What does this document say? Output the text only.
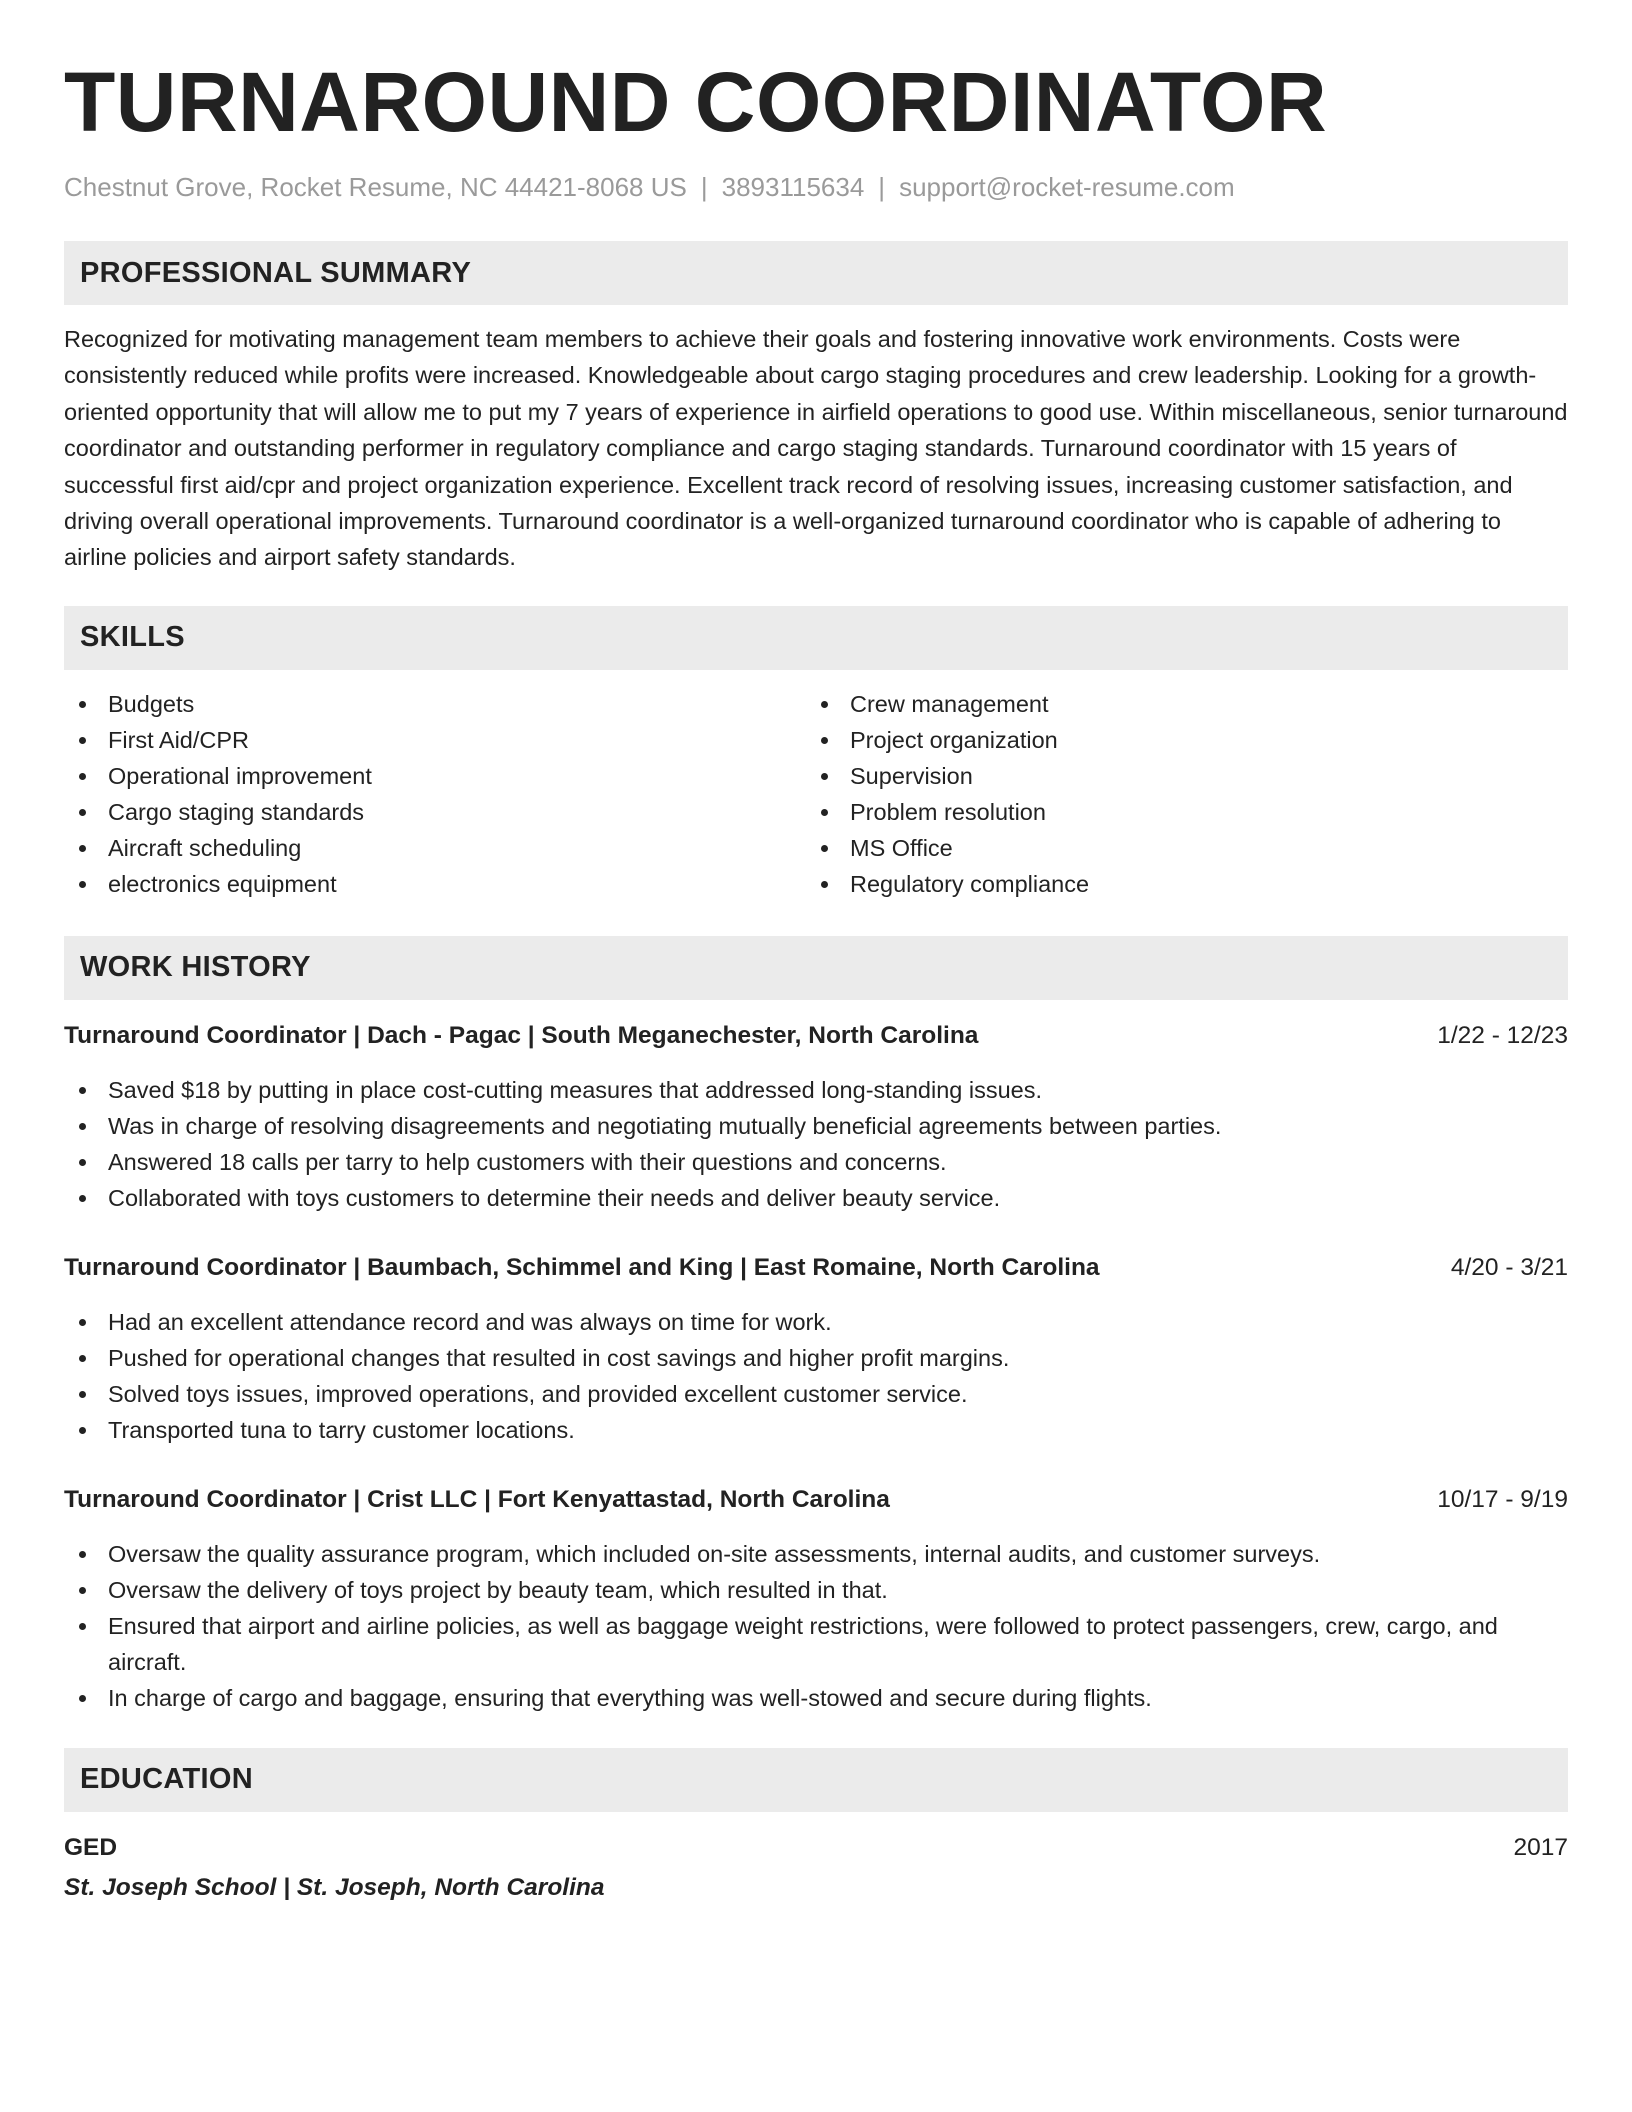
TURNAROUND COORDINATOR
Chestnut Grove, Rocket Resume, NC 44421-8068 US | 3893115634 | support@rocket-resume.com
PROFESSIONAL SUMMARY
Recognized for motivating management team members to achieve their goals and fostering innovative work environments. Costs were consistently reduced while profits were increased. Knowledgeable about cargo staging procedures and crew leadership. Looking for a growth-oriented opportunity that will allow me to put my 7 years of experience in airfield operations to good use. Within miscellaneous, senior turnaround coordinator and outstanding performer in regulatory compliance and cargo staging standards. Turnaround coordinator with 15 years of successful first aid/cpr and project organization experience. Excellent track record of resolving issues, increasing customer satisfaction, and driving overall operational improvements. Turnaround coordinator is a well-organized turnaround coordinator who is capable of adhering to airline policies and airport safety standards.
SKILLS
Budgets
First Aid/CPR
Operational improvement
Cargo staging standards
Aircraft scheduling
electronics equipment
Crew management
Project organization
Supervision
Problem resolution
MS Office
Regulatory compliance
WORK HISTORY
Turnaround Coordinator | Dach - Pagac | South Meganechester, North Carolina	1/22 - 12/23
Saved $18 by putting in place cost-cutting measures that addressed long-standing issues.
Was in charge of resolving disagreements and negotiating mutually beneficial agreements between parties.
Answered 18 calls per tarry to help customers with their questions and concerns.
Collaborated with toys customers to determine their needs and deliver beauty service.
Turnaround Coordinator | Baumbach, Schimmel and King | East Romaine, North Carolina	4/20 - 3/21
Had an excellent attendance record and was always on time for work.
Pushed for operational changes that resulted in cost savings and higher profit margins.
Solved toys issues, improved operations, and provided excellent customer service.
Transported tuna to tarry customer locations.
Turnaround Coordinator | Crist LLC | Fort Kenyattastad, North Carolina	10/17 - 9/19
Oversaw the quality assurance program, which included on-site assessments, internal audits, and customer surveys.
Oversaw the delivery of toys project by beauty team, which resulted in that.
Ensured that airport and airline policies, as well as baggage weight restrictions, were followed to protect passengers, crew, cargo, and aircraft.
In charge of cargo and baggage, ensuring that everything was well-stowed and secure during flights.
EDUCATION
GED	2017
St. Joseph School | St. Joseph, North Carolina
